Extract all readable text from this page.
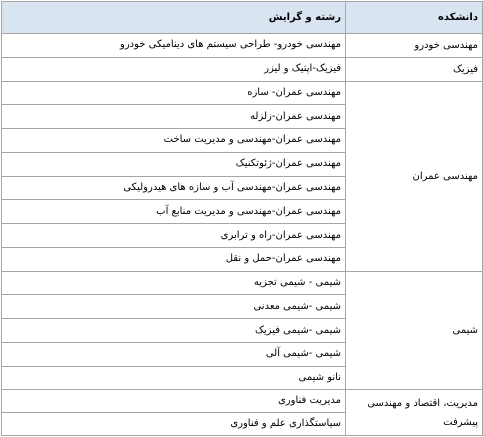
دانشکده	رشته و گرایش
مهندسی خودرو	مهندسی خودرو- طراحی سیستم های دینامیکی خودرو
فیزیک	فیزیک-اپتیک و لیزر
مهندسی عمران	مهندسی عمران- سازه
	مهندسی عمران-زلزله
	مهندسی عمران-مهندسی و مدیریت ساخت
	مهندسی عمران-ژئوتکنیک
	مهندسی عمران-مهندسی آب و سازه های هیدرولیکی
	مهندسی عمران-مهندسی و مدیریت منابع آب
	مهندسی عمران-راه و ترابری
	مهندسی عمران-حمل و نقل
شیمی	شیمی - شیمی تجزیه
	شیمی -شیمی معدنی
	شیمی -شیمی فیزیک
	شیمی -شیمی آلی
	نانو شیمی
مدیریت، اقتصاد و مهندسی پیشرفت	مدیریت فناوری
	سیاستگذاری علم و فناوری
